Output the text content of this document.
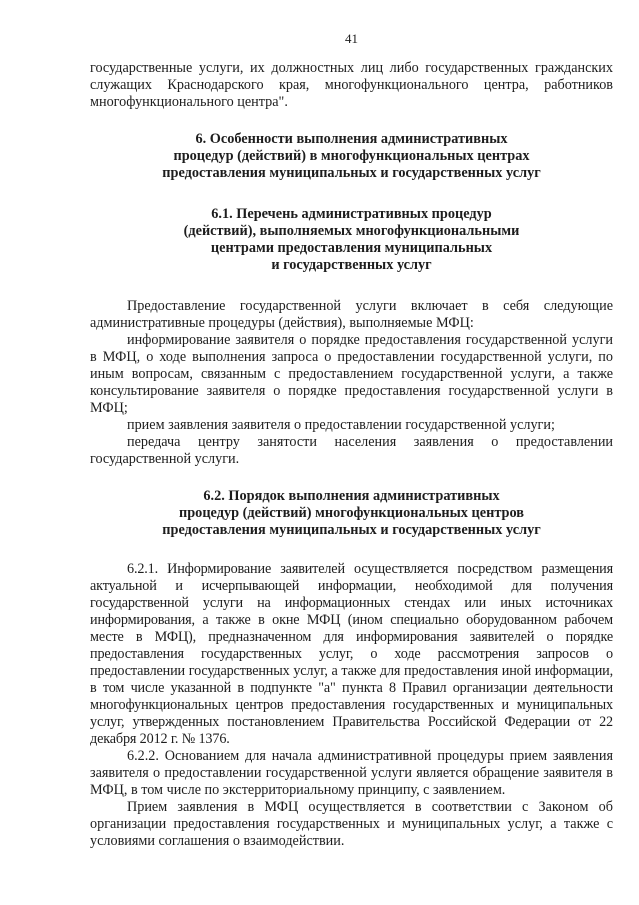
41

государственные услуги, их должностных лиц либо государственных гражданских служащих Краснодарского края, многофункционального центра, работников многофункционального центра".

6. Особенности выполнения административных
процедур (действий) в многофункциональных центрах
предоставления муниципальных и государственных услуг
6.1. Перечень административных процедур
(действий), выполняемых многофункциональными
центрами предоставления муниципальных
и государственных услуг

Предоставление государственной услуги включает в себя следующие административные процедуры (действия), выполняемые МФЦ:

информирование заявителя о порядке предоставления государственной услуги в МФЦ, о ходе выполнения запроса о предоставлении государственной услуги, по иным вопросам, связанным с предоставлением государственной услуги, а также консультирование заявителя о порядке предоставления государственной услуги в МФЦ;

прием заявления заявителя о предоставлении государственной услуги;

передача центру занятости населения заявления о предоставлении государственной услуги.

6.2. Порядок выполнения административных
процедур (действий) многофункциональных центров
предоставления муниципальных и государственных услуг

6.2.1. Информирование заявителей осуществляется посредством размещения актуальной и исчерпывающей информации, необходимой для получения государственной услуги на информационных стендах или иных источниках информирования, а также в окне МФЦ (ином специально оборудованном рабочем месте в МФЦ), предназначенном для информирования заявителей о порядке предоставления государственных услуг, о ходе рассмотрения запросов о предоставлении государственных услуг, а также для предоставления иной информации, в том числе указанной в подпункте "а" пункта 8 Правил организации деятельности многофункциональных центров предоставления государственных и муниципальных услуг, утвержденных постановлением Правительства Российской Федерации от 22 декабря 2012 г. № 1376.

6.2.2. Основанием для начала административной процедуры прием заявления заявителя о предоставлении государственной услуги является обращение заявителя в МФЦ, в том числе по экстерриториальному принципу, с заявлением.

Прием заявления в МФЦ осуществляется в соответствии с Законом об организации предоставления государственных и муниципальных услуг, а также с условиями соглашения о взаимодействии.
